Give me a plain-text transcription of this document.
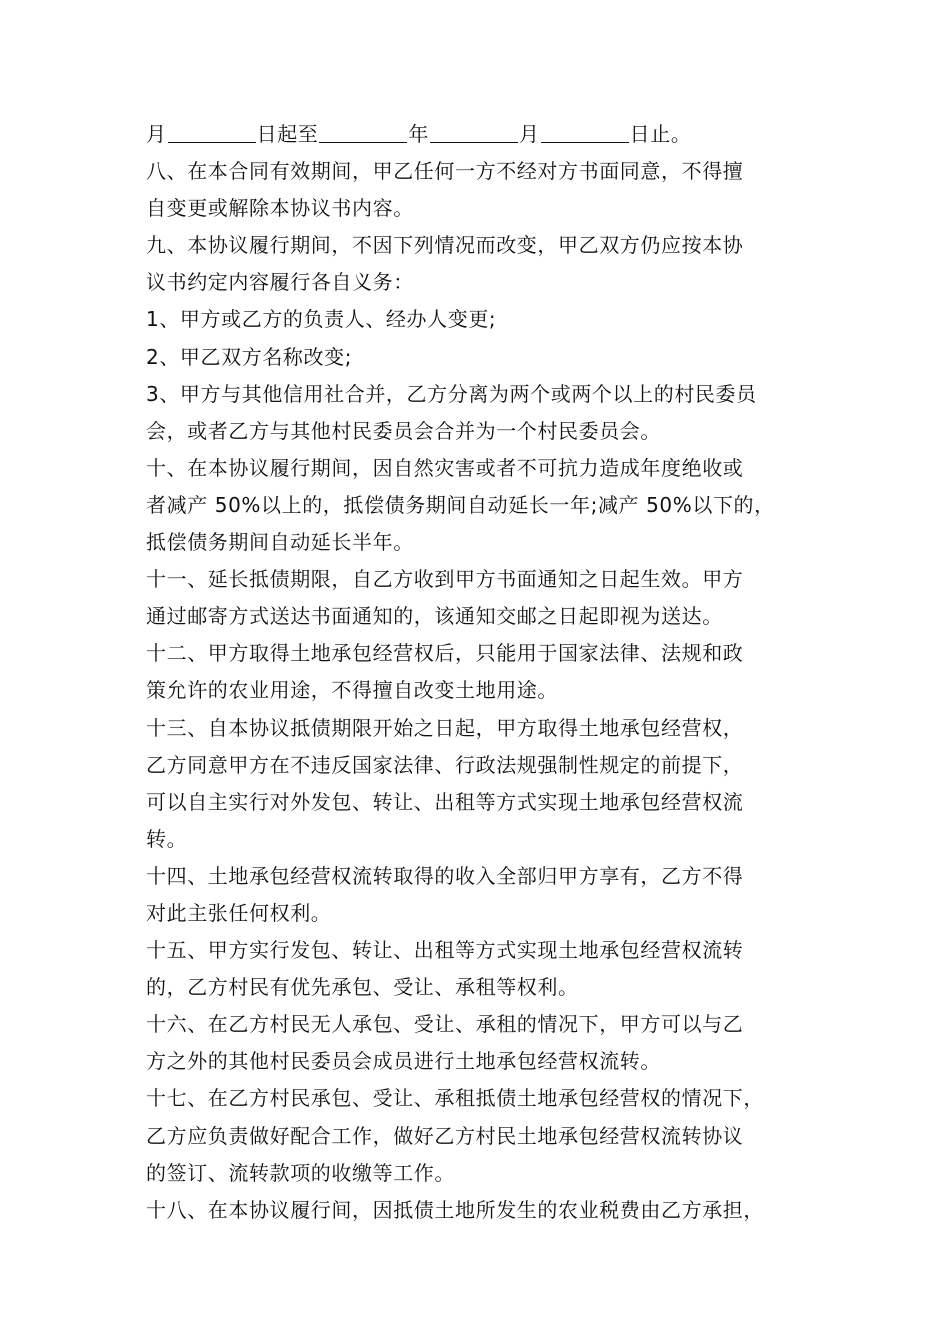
月	日起至	年	月	日止。
八、在本合同有效期间，甲乙任何一方不经对方书面同意，不得擅
自变更或解除本协议书内容。
九、本协议履行期间，不因下列情况而改变，甲乙双方仍应按本协
议书约定内容履行各自义务：
1、甲方或乙方的负责人、经办人变更;
2、甲乙双方名称改变;
3、甲方与其他信用社合并，乙方分离为两个或两个以上的村民委员
会，或者乙方与其他村民委员会合并为一个村民委员会。
十、在本协议履行期间，因自然灾害或者不可抗力造成年度绝收或
者减产 50%以上的，抵偿债务期间自动延长一年;减产 50%以下的，
抵偿债务期间自动延长半年。
十一、延长抵债期限，自乙方收到甲方书面通知之日起生效。甲方
通过邮寄方式送达书面通知的，该通知交邮之日起即视为送达。
十二、甲方取得土地承包经营权后，只能用于国家法律、法规和政
策允许的农业用途，不得擅自改变土地用途。
十三、自本协议抵债期限开始之日起，甲方取得土地承包经营权，
乙方同意甲方在不违反国家法律、行政法规强制性规定的前提下，
可以自主实行对外发包、转让、出租等方式实现土地承包经营权流
转。
十四、土地承包经营权流转取得的收入全部归甲方享有，乙方不得
对此主张任何权利。
十五、甲方实行发包、转让、出租等方式实现土地承包经营权流转
的，乙方村民有优先承包、受让、承租等权利。
十六、在乙方村民无人承包、受让、承租的情况下，甲方可以与乙
方之外的其他村民委员会成员进行土地承包经营权流转。
十七、在乙方村民承包、受让、承租抵债土地承包经营权的情况下，
乙方应负责做好配合工作，做好乙方村民土地承包经营权流转协议
的签订、流转款项的收缴等工作。
十八、在本协议履行间，因抵债土地所发生的农业税费由乙方承担，
